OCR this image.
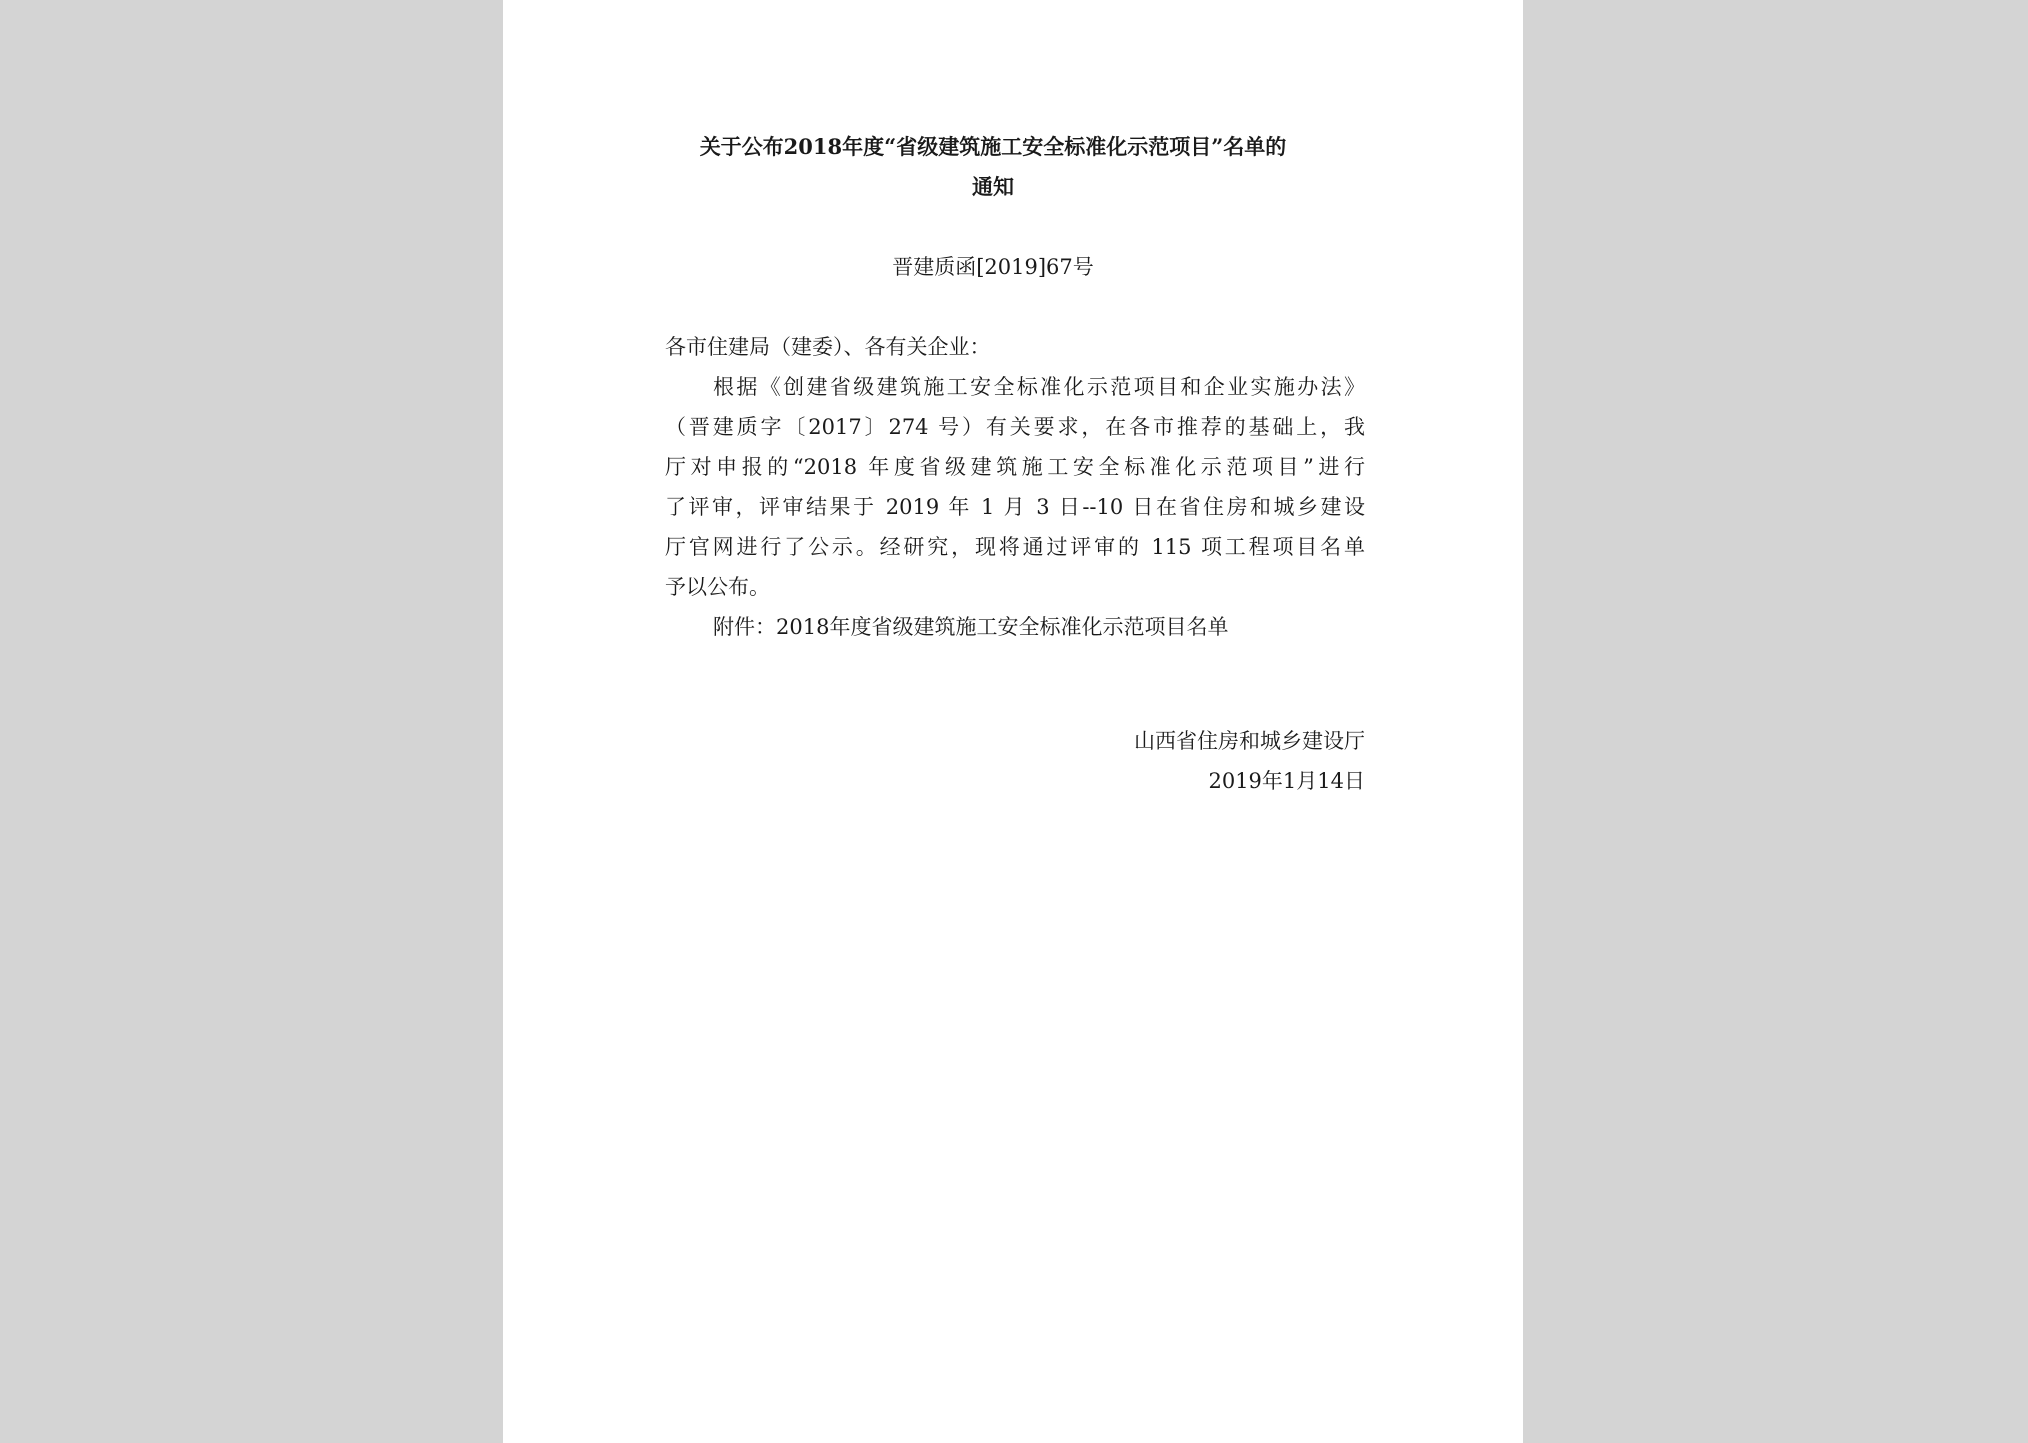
关于公布2018年度“省级建筑施工安全标准化示范项目”名单的
通知
晋建质函[2019]67号
各市住建局（建委）、各有关企业：
根据《创建省级建筑施工安全标准化示范项目和企业实施办法》
（晋建质字〔2017〕274 号）有关要求，在各市推荐的基础上，我
厅对申报的“2018 年度省级建筑施工安全标准化示范项目”进行
了评审，评审结果于 2019 年 1 月 3 日--10 日在省住房和城乡建设
厅官网进行了公示。经研究，现将通过评审的 115 项工程项目名单
予以公布。
附件：2018年度省级建筑施工安全标准化示范项目名单
山西省住房和城乡建设厅
2019年1月14日
